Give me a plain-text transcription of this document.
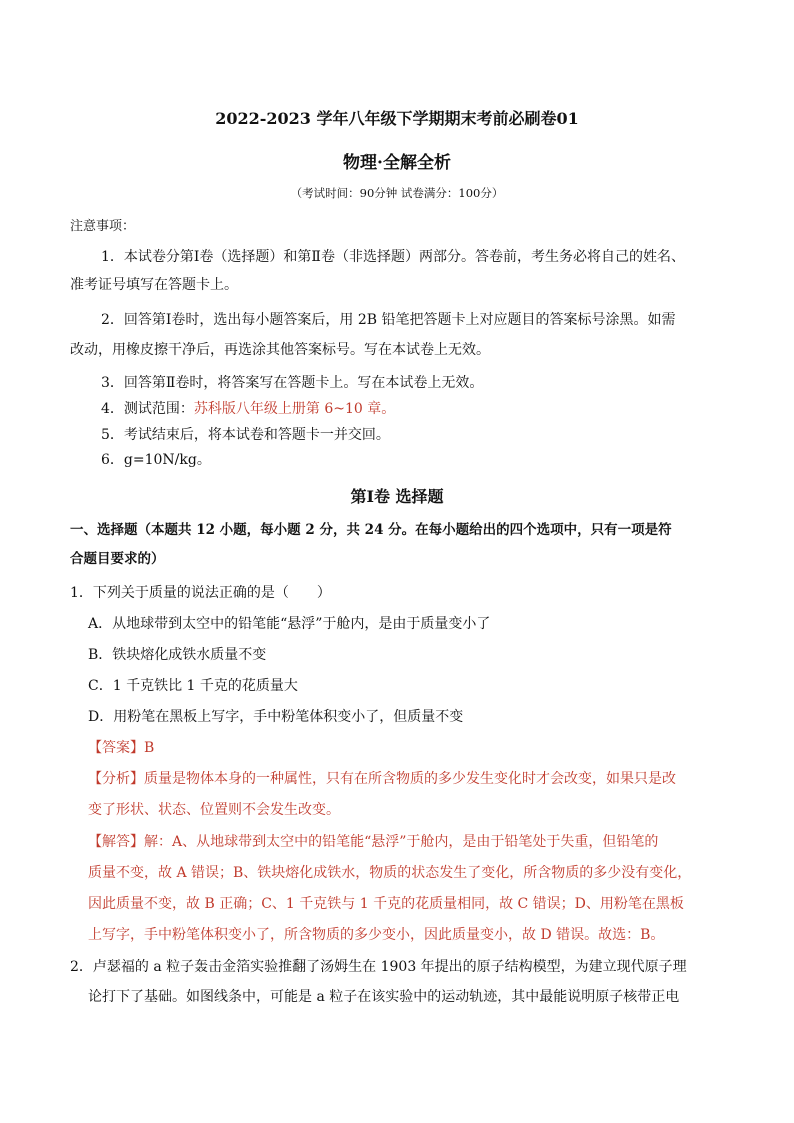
2022-2023 学年八年级下学期期末考前必刷卷01
物理·全解全析
（考试时间：90分钟 试卷满分：100分）
注意事项：
1．本试卷分第Ⅰ卷（选择题）和第Ⅱ卷（非选择题）两部分。答卷前，考生务必将自己的姓名、
准考证号填写在答题卡上。
2．回答第Ⅰ卷时，选出每小题答案后，用 2B 铅笔把答题卡上对应题目的答案标号涂黑。如需
改动，用橡皮擦干净后，再选涂其他答案标号。写在本试卷上无效。
3．回答第Ⅱ卷时，将答案写在答题卡上。写在本试卷上无效。
4．测试范围：苏科版八年级上册第 6~10 章。
5．考试结束后，将本试卷和答题卡一并交回。
6．g=10N/kg。
第Ⅰ卷 选择题
一、选择题（本题共 12 小题，每小题 2 分，共 24 分。在每小题给出的四个选项中，只有一项是符
合题目要求的）
1．下列关于质量的说法正确的是（　　）
A．从地球带到太空中的铅笔能“悬浮”于舱内，是由于质量变小了
B．铁块熔化成铁水质量不变
C．1 千克铁比 1 千克的花质量大
D．用粉笔在黑板上写字，手中粉笔体积变小了，但质量不变
【答案】B
【分析】质量是物体本身的一种属性，只有在所含物质的多少发生变化时才会改变，如果只是改
变了形状、状态、位置则不会发生改变。
【解答】解：A、从地球带到太空中的铅笔能“悬浮”于舱内，是由于铅笔处于失重，但铅笔的
质量不变，故 A 错误；B、铁块熔化成铁水，物质的状态发生了变化，所含物质的多少没有变化，
因此质量不变，故 B 正确；C、1 千克铁与 1 千克的花质量相同，故 C 错误；D、用粉笔在黑板
上写字，手中粉笔体积变小了，所含物质的多少变小，因此质量变小，故 D 错误。故选：B。
2．卢瑟福的 a 粒子轰击金箔实验推翻了汤姆生在 1903 年提出的原子结构模型，为建立现代原子理
论打下了基础。如图线条中，可能是 a 粒子在该实验中的运动轨迹，其中最能说明原子核带正电
